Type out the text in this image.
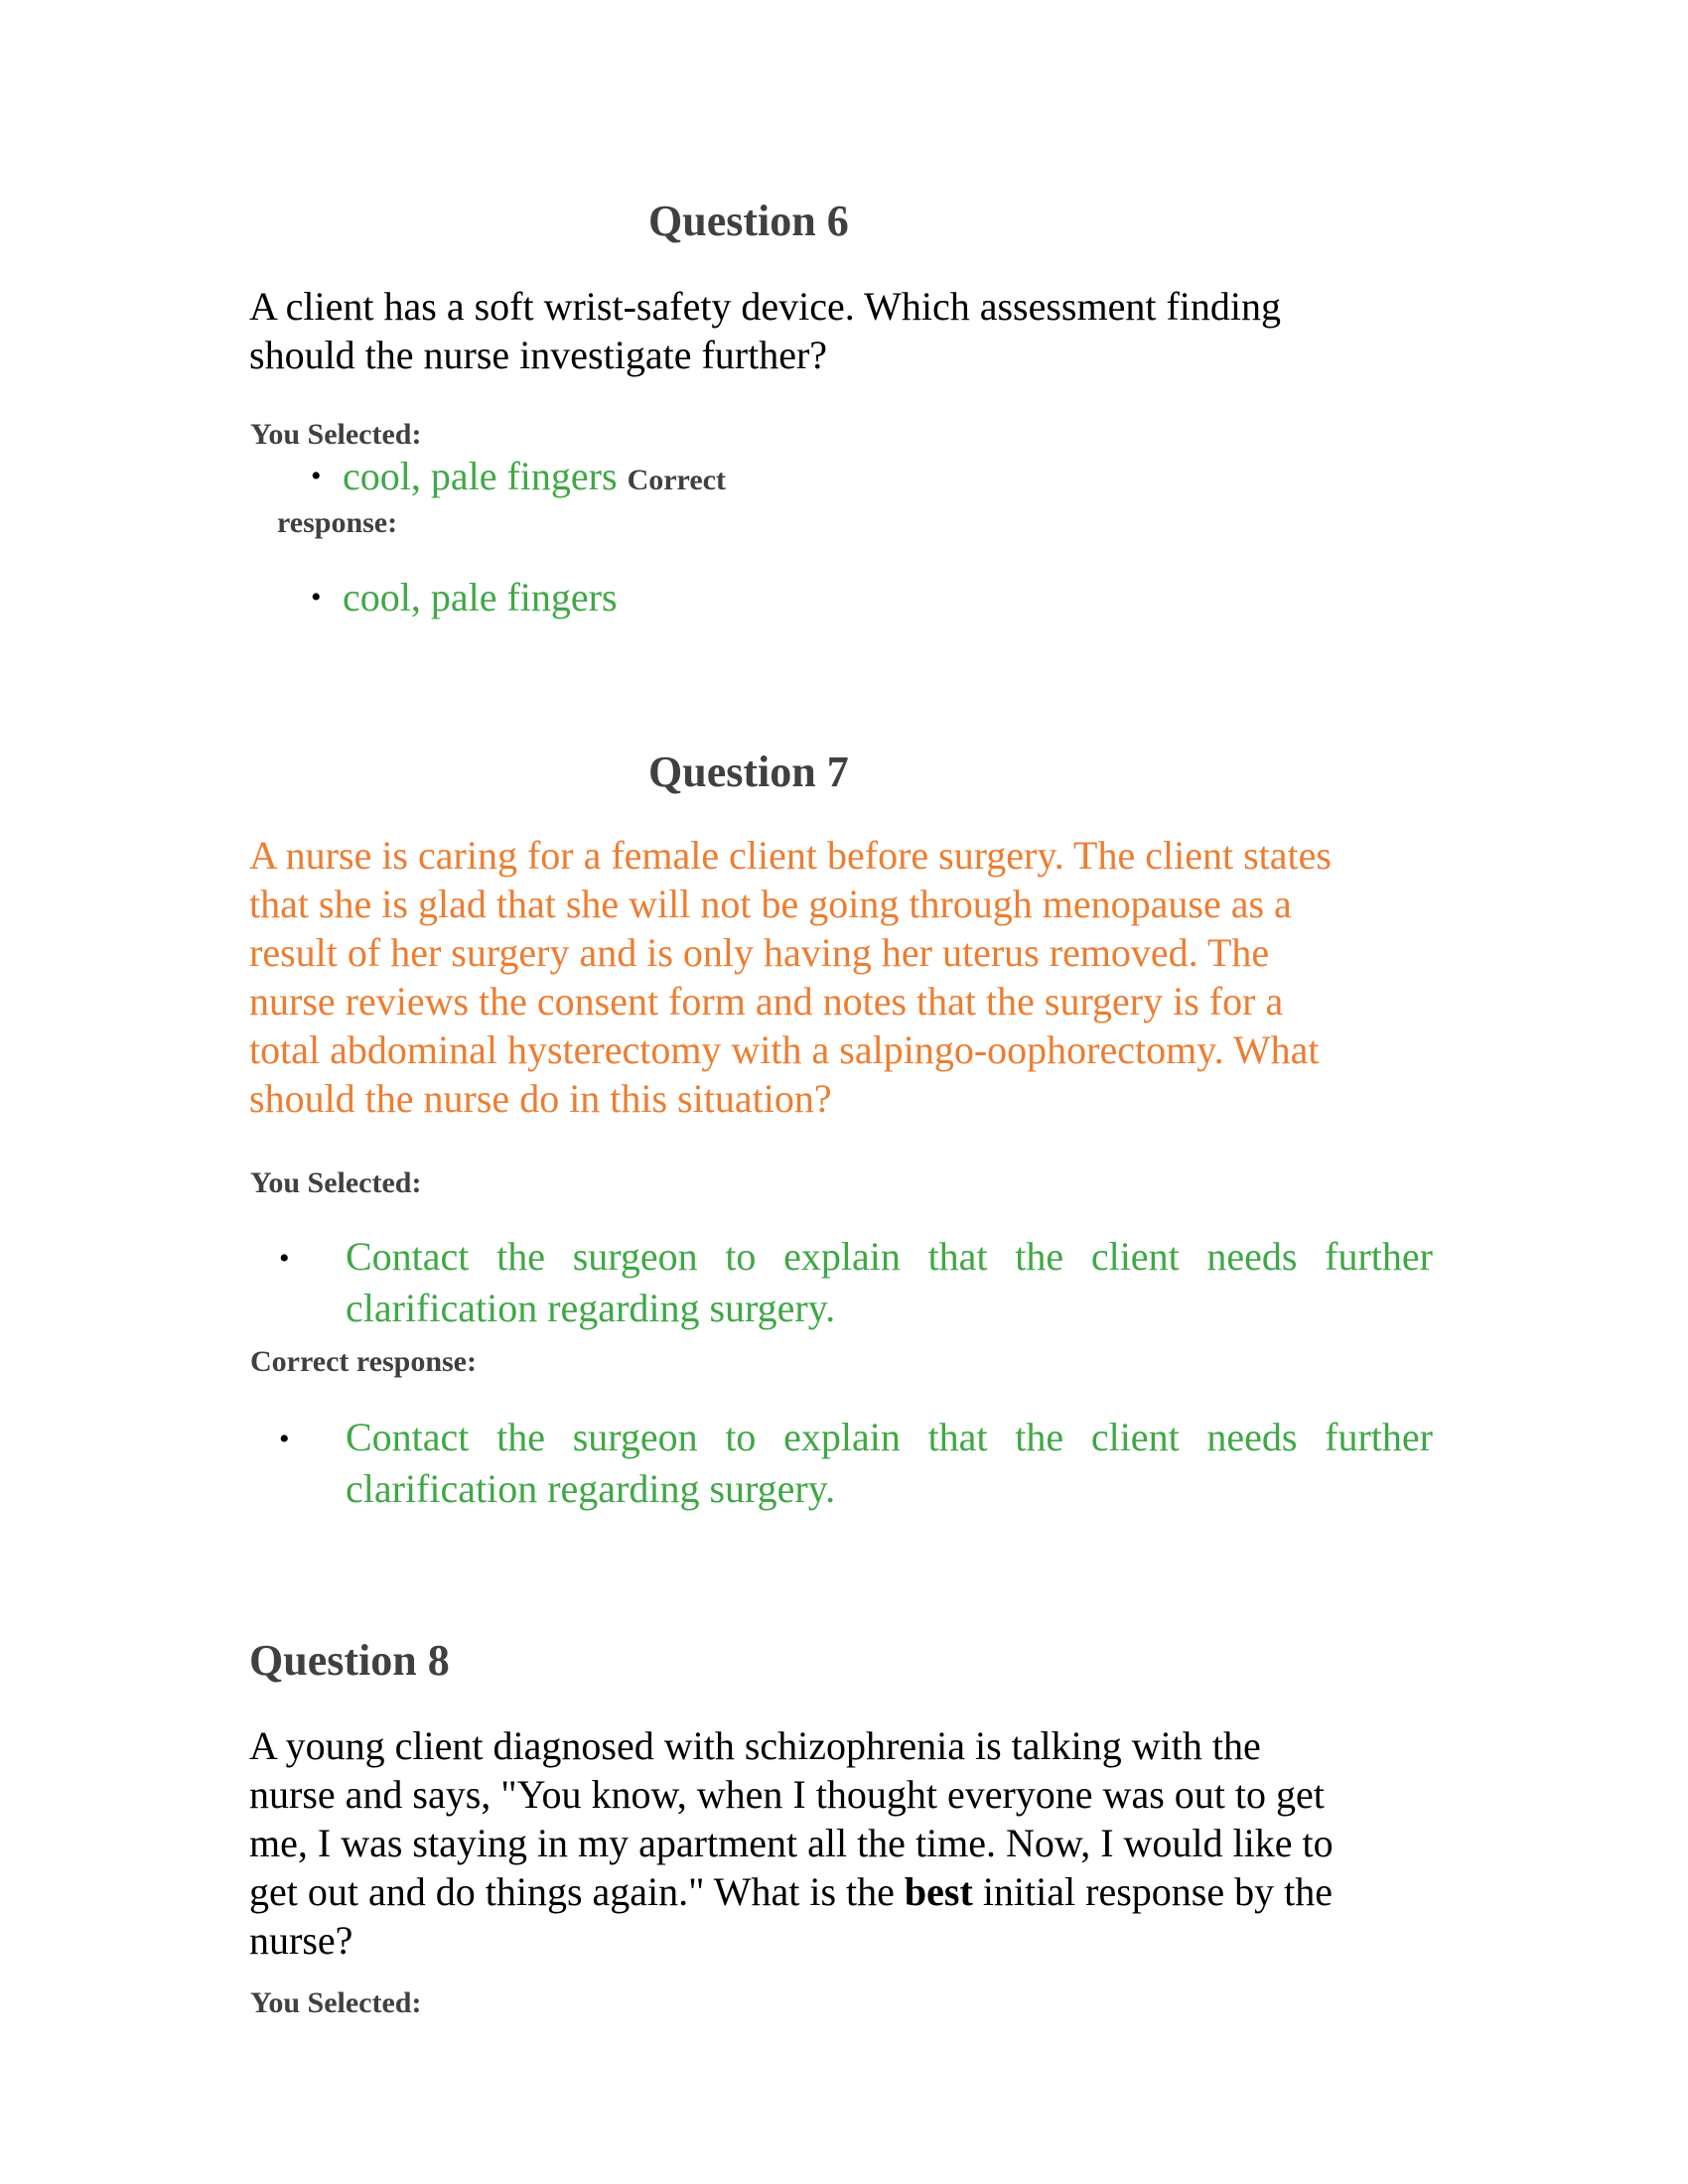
Question 6
A client has a soft wrist-safety device. Which assessment finding
should the nurse investigate further?
You Selected:
• cool, pale fingers Correct
response:
• cool, pale fingers
Question 7
A nurse is caring for a female client before surgery. The client states
that she is glad that she will not be going through menopause as a
result of her surgery and is only having her uterus removed. The
nurse reviews the consent form and notes that the surgery is for a
total abdominal hysterectomy with a salpingo-oophorectomy. What
should the nurse do in this situation?
You Selected:
• Contact the surgeon to explain that the client needs further
clarification regarding surgery.
Correct response:
• Contact the surgeon to explain that the client needs further
clarification regarding surgery.
Question 8
A young client diagnosed with schizophrenia is talking with the
nurse and says, "You know, when I thought everyone was out to get
me, I was staying in my apartment all the time. Now, I would like to
get out and do things again." What is the best initial response by the
nurse?
You Selected:
